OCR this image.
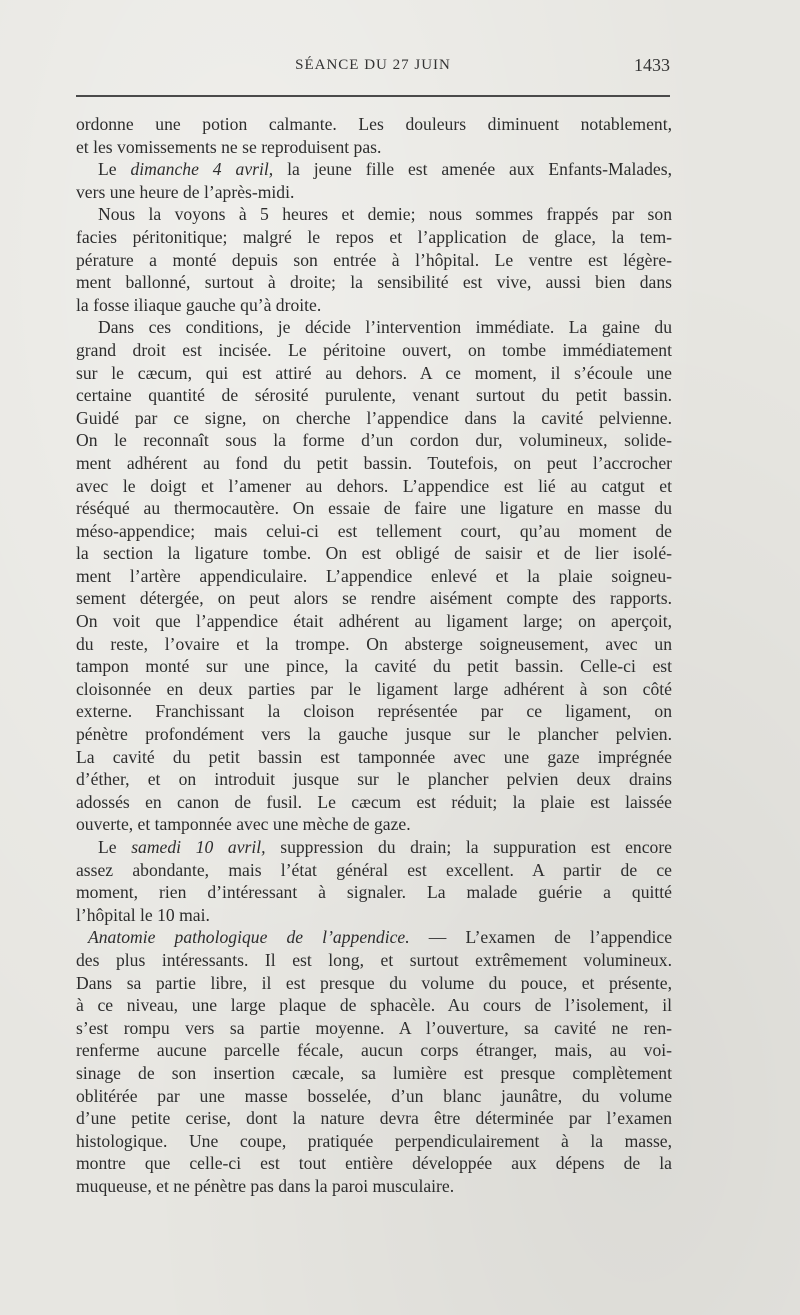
SÉANCE DU 27 JUIN	1433

ordonne une potion calmante. Les douleurs diminuent notablement,
et les vomissements ne se reproduisent pas.

Le dimanche 4 avril, la jeune fille est amenée aux Enfants-Malades,
vers une heure de l’après-midi.

Nous la voyons à 5 heures et demie; nous sommes frappés par son
facies péritonitique; malgré le repos et l’application de glace, la tem-
pérature a monté depuis son entrée à l’hôpital. Le ventre est légère-
ment ballonné, surtout à droite; la sensibilité est vive, aussi bien dans
la fosse iliaque gauche qu’à droite.

Dans ces conditions, je décide l’intervention immédiate. La gaine du
grand droit est incisée. Le péritoine ouvert, on tombe immédiatement
sur le cæcum, qui est attiré au dehors. A ce moment, il s’écoule une
certaine quantité de sérosité purulente, venant surtout du petit bassin.
Guidé par ce signe, on cherche l’appendice dans la cavité pelvienne.
On le reconnaît sous la forme d’un cordon dur, volumineux, solide-
ment adhérent au fond du petit bassin. Toutefois, on peut l’accrocher
avec le doigt et l’amener au dehors. L’appendice est lié au catgut et
réséqué au thermocautère. On essaie de faire une ligature en masse du
méso-appendice; mais celui-ci est tellement court, qu’au moment de
la section la ligature tombe. On est obligé de saisir et de lier isolé-
ment l’artère appendiculaire. L’appendice enlevé et la plaie soigneu-
sement détergée, on peut alors se rendre aisément compte des rapports.
On voit que l’appendice était adhérent au ligament large; on aperçoit,
du reste, l’ovaire et la trompe. On absterge soigneusement, avec un
tampon monté sur une pince, la cavité du petit bassin. Celle-ci est
cloisonnée en deux parties par le ligament large adhérent à son côté
externe. Franchissant la cloison représentée par ce ligament, on
pénètre profondément vers la gauche jusque sur le plancher pelvien.
La cavité du petit bassin est tamponnée avec une gaze imprégnée
d’éther, et on introduit jusque sur le plancher pelvien deux drains
adossés en canon de fusil. Le cæcum est réduit; la plaie est laissée
ouverte, et tamponnée avec une mèche de gaze.

Le samedi 10 avril, suppression du drain; la suppuration est encore
assez abondante, mais l’état général est excellent. A partir de ce
moment, rien d’intéressant à signaler. La malade guérie a quitté
l’hôpital le 10 mai.

Anatomie pathologique de l’appendice. — L’examen de l’appendice
des plus intéressants. Il est long, et surtout extrêmement volumineux.
Dans sa partie libre, il est presque du volume du pouce, et présente,
à ce niveau, une large plaque de sphacèle. Au cours de l’isolement, il
s’est rompu vers sa partie moyenne. A l’ouverture, sa cavité ne ren-
renferme aucune parcelle fécale, aucun corps étranger, mais, au voi-
sinage de son insertion cæcale, sa lumière est presque complètement
oblitérée par une masse bosselée, d’un blanc jaunâtre, du volume
d’une petite cerise, dont la nature devra être déterminée par l’examen
histologique. Une coupe, pratiquée perpendiculairement à la masse,
montre que celle-ci est tout entière développée aux dépens de la
muqueuse, et ne pénètre pas dans la paroi musculaire.
